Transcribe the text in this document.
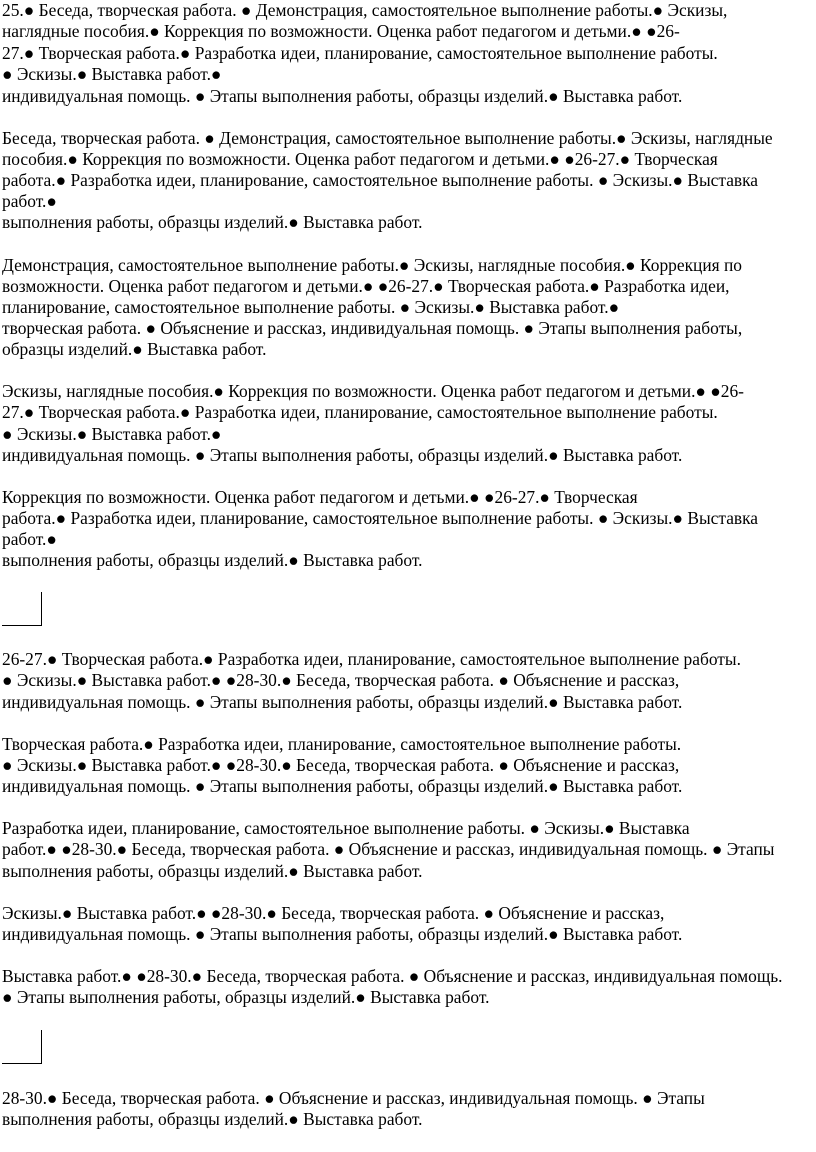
25.● Беседа, творческая работа. ● Демонстрация, самостоятельное выполнение работы.● Эскизы,
наглядные пособия.● Коррекция по возможности. Оценка работ педагогом и детьми.● ●26-
27.● Творческая работа.● Разработка идеи, планирование, самостоятельное выполнение работы.
● Эскизы.● Выставка работ.●
индивидуальная помощь. ● Этапы выполнения работы, образцы изделий.● Выставка работ.
Беседа, творческая работа. ● Демонстрация, самостоятельное выполнение работы.● Эскизы, наглядные
пособия.● Коррекция по возможности. Оценка работ педагогом и детьми.● ●26-27.● Творческая
работа.● Разработка идеи, планирование, самостоятельное выполнение работы. ● Эскизы.● Выставка
работ.●
выполнения работы, образцы изделий.● Выставка работ.
Демонстрация, самостоятельное выполнение работы.● Эскизы, наглядные пособия.● Коррекция по
возможности. Оценка работ педагогом и детьми.● ●26-27.● Творческая работа.● Разработка идеи,
планирование, самостоятельное выполнение работы. ● Эскизы.● Выставка работ.●
творческая работа. ● Объяснение и рассказ, индивидуальная помощь. ● Этапы выполнения работы,
образцы изделий.● Выставка работ.
Эскизы, наглядные пособия.● Коррекция по возможности. Оценка работ педагогом и детьми.● ●26-
27.● Творческая работа.● Разработка идеи, планирование, самостоятельное выполнение работы.
● Эскизы.● Выставка работ.●
индивидуальная помощь. ● Этапы выполнения работы, образцы изделий.● Выставка работ.
Коррекция по возможности. Оценка работ педагогом и детьми.● ●26-27.● Творческая
работа.● Разработка идеи, планирование, самостоятельное выполнение работы. ● Эскизы.● Выставка
работ.●
выполнения работы, образцы изделий.● Выставка работ.
26-27.● Творческая работа.● Разработка идеи, планирование, самостоятельное выполнение работы.
● Эскизы.● Выставка работ.● ●28-30.● Беседа, творческая работа. ● Объяснение и рассказ,
индивидуальная помощь. ● Этапы выполнения работы, образцы изделий.● Выставка работ.
Творческая работа.● Разработка идеи, планирование, самостоятельное выполнение работы.
● Эскизы.● Выставка работ.● ●28-30.● Беседа, творческая работа. ● Объяснение и рассказ,
индивидуальная помощь. ● Этапы выполнения работы, образцы изделий.● Выставка работ.
Разработка идеи, планирование, самостоятельное выполнение работы. ● Эскизы.● Выставка
работ.● ●28-30.● Беседа, творческая работа. ● Объяснение и рассказ, индивидуальная помощь. ● Этапы
выполнения работы, образцы изделий.● Выставка работ.
Эскизы.● Выставка работ.● ●28-30.● Беседа, творческая работа. ● Объяснение и рассказ,
индивидуальная помощь. ● Этапы выполнения работы, образцы изделий.● Выставка работ.
Выставка работ.● ●28-30.● Беседа, творческая работа. ● Объяснение и рассказ, индивидуальная помощь.
● Этапы выполнения работы, образцы изделий.● Выставка работ.
28-30.● Беседа, творческая работа. ● Объяснение и рассказ, индивидуальная помощь. ● Этапы
выполнения работы, образцы изделий.● Выставка работ.
